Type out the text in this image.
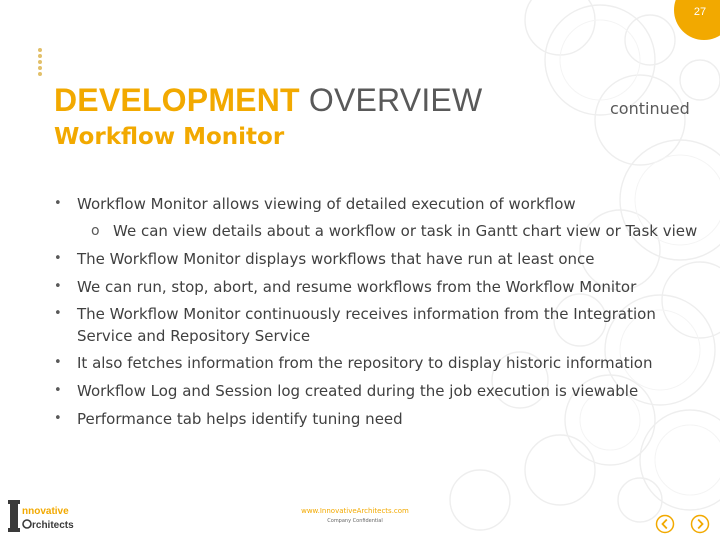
27
DEVELOPMENT OVERVIEW	continued
Workflow Monitor
• Workflow Monitor allows viewing of detailed execution of workflow
o We can view details about a workflow or task in Gantt chart view or Task view
• The Workflow Monitor displays workflows that have run at least once
• We can run, stop, abort, and resume workflows from the Workflow Monitor
• The Workflow Monitor continuously receives information from the Integration Service and Repository Service
• It also fetches information from the repository to display historic information
• Workflow Log and Session log created during the job execution is viewable
• Performance tab helps identify tuning need
nnovative
rchitects
www.InnovativeArchitects.com
Company Confidential
